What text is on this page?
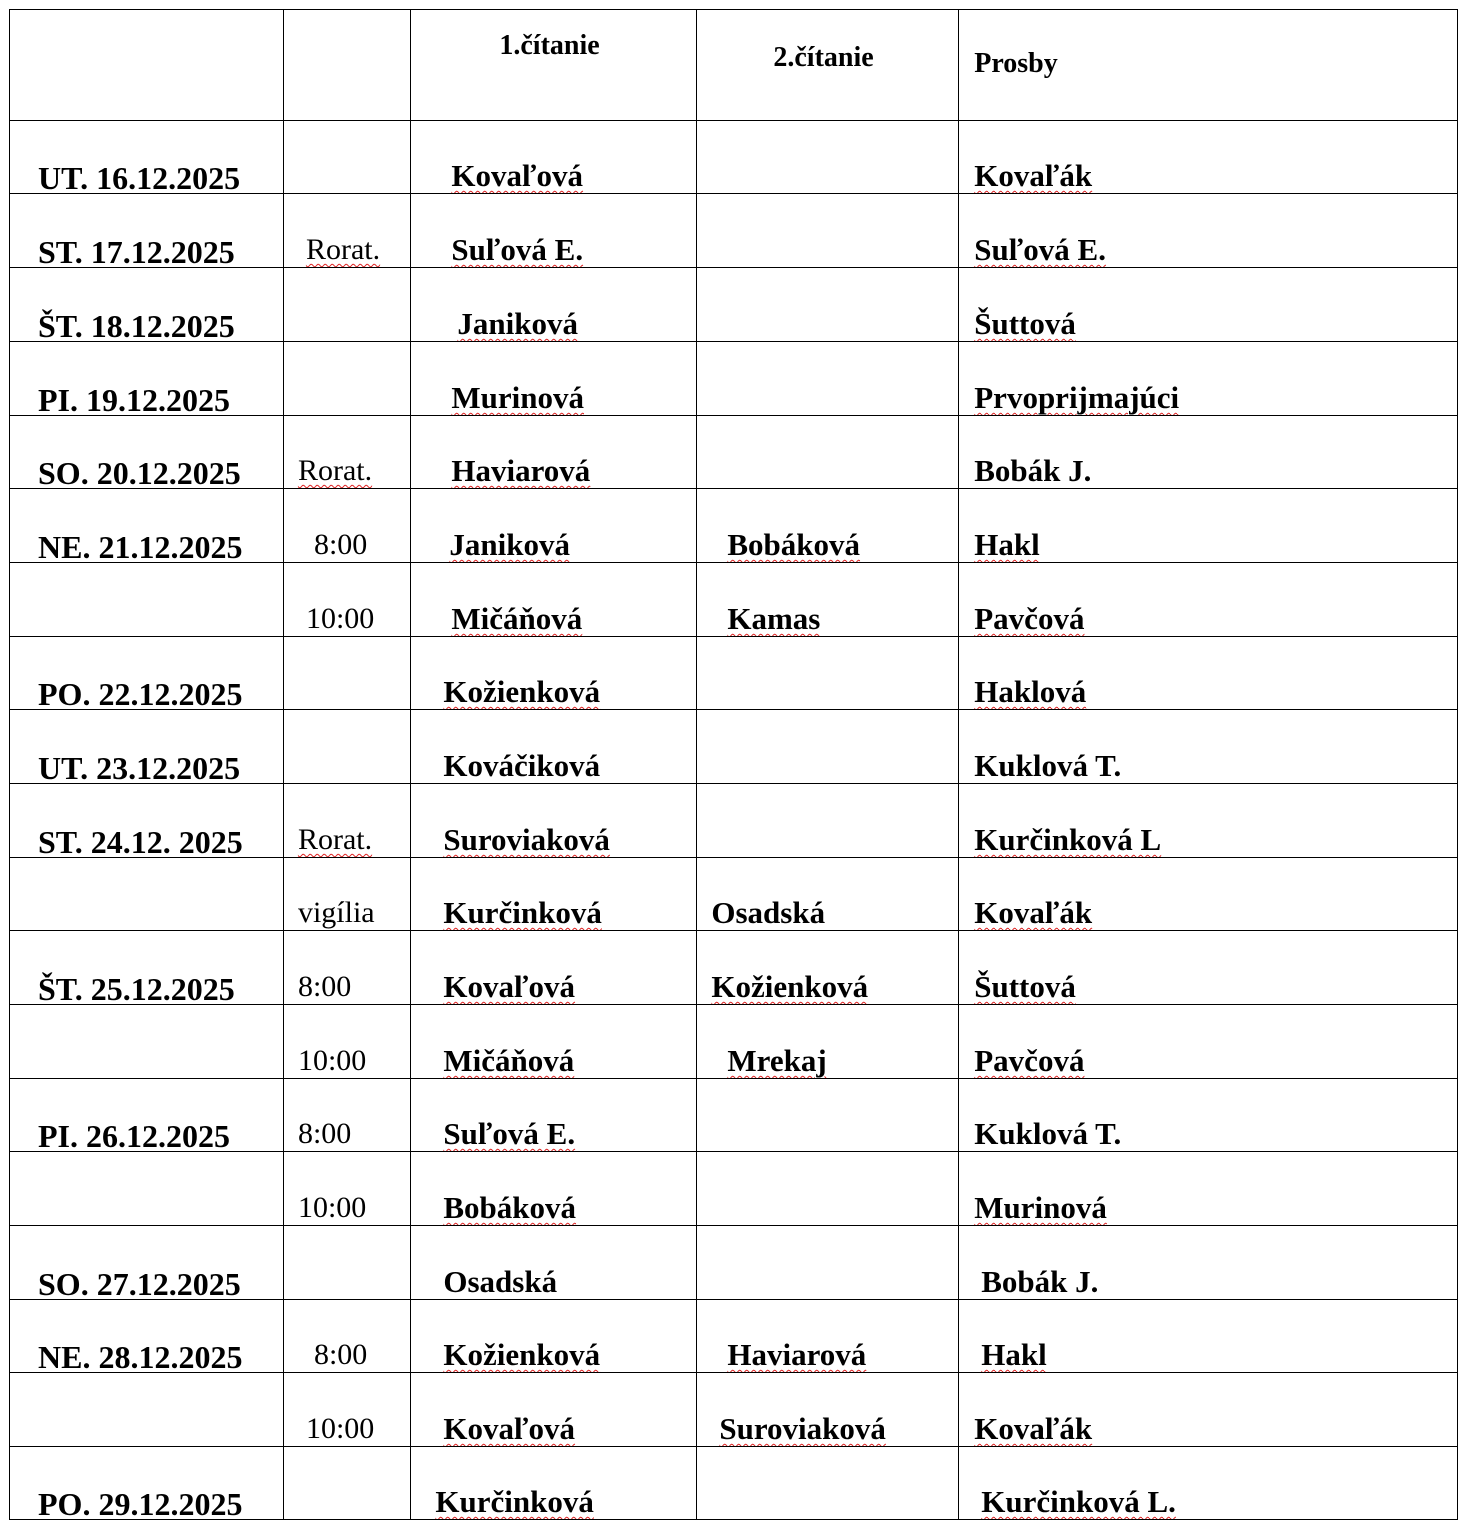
		1.čítanie	2.čítanie	Prosby

UT. 16.12.2025		Kovaľová		Kovaľák

ST. 17.12.2025	Rorat.	Suľová E.		Suľová E.

ŠT. 18.12.2025		Janiková		Šuttová

PI. 19.12.2025		Murinová		Prvoprijmajúci

SO. 20.12.2025	Rorat.	Haviarová		Bobák J.

NE. 21.12.2025	8:00	Janiková	Bobáková	Hakl

	10:00	Mičáňová	Kamas	Pavčová

PO. 22.12.2025		Kožienková		Haklová

UT. 23.12.2025		Kováčiková		Kuklová T.

ST. 24.12. 2025	Rorat.	Suroviaková		Kurčinková L

	vigília	Kurčinková	Osadská	Kovaľák

ŠT. 25.12.2025	8:00	Kovaľová	Kožienková	Šuttová

	10:00	Mičáňová	Mrekaj	Pavčová

PI. 26.12.2025	8:00	Suľová E.		Kuklová T.

	10:00	Bobáková		Murinová

SO. 27.12.2025		Osadská		Bobák J.

NE. 28.12.2025	8:00	Kožienková	Haviarová	Hakl

	10:00	Kovaľová	Suroviaková	Kovaľák

PO. 29.12.2025		Kurčinková		Kurčinková L.
